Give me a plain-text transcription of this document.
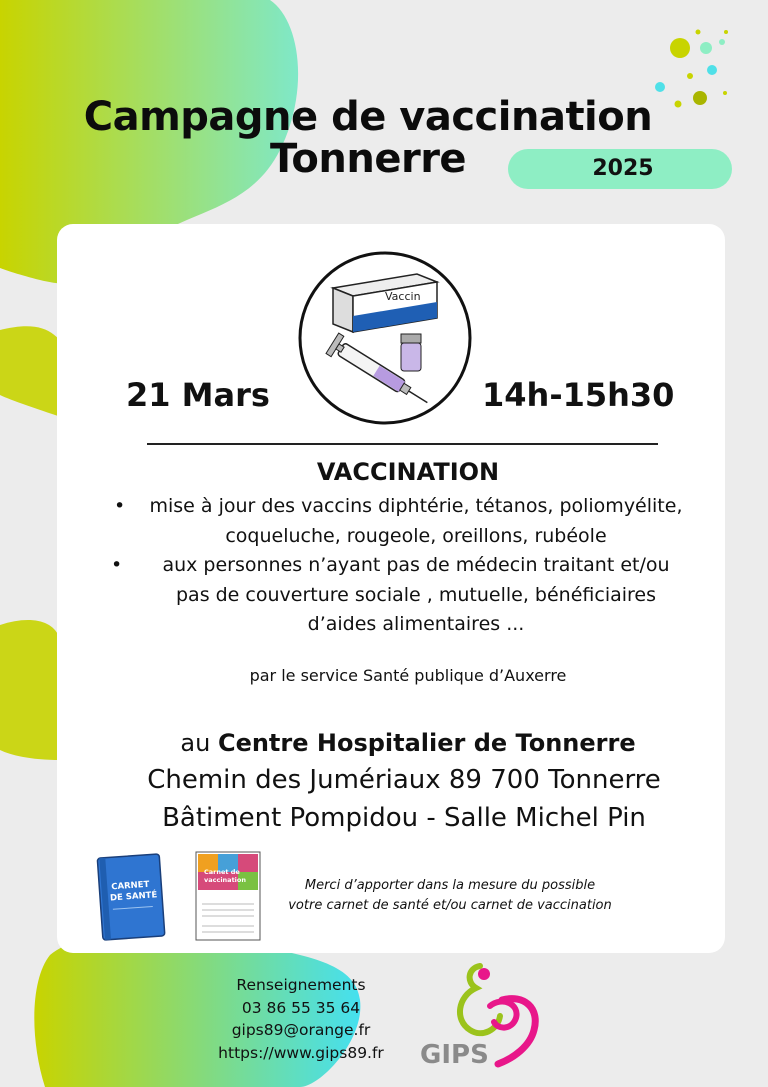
Campagne de vaccination
Tonnerre	2025
Vaccin
21 Mars	14h-15h30
VACCINATION
•	mise à jour des vaccins diphtérie, tétanos, poliomyélite,
coqueluche, rougeole, oreillons, rubéole
•	aux personnes n’ayant pas de médecin traitant et/ou
pas de couverture sociale , mutuelle, bénéficiaires
d’aides alimentaires ...
par le service Santé publique d’Auxerre
au Centre Hospitalier de Tonnerre
Chemin des Jumériaux 89 700 Tonnerre
Bâtiment Pompidou - Salle Michel Pin
CARNET
DE SANTÉ
Carnet de
vaccination	Merci d’apporter dans la mesure du possible
votre carnet de santé et/ou carnet de vaccination
Renseignements
03 86 55 35 64
gips89@orange.fr
https://www.gips89.fr	GIPS
